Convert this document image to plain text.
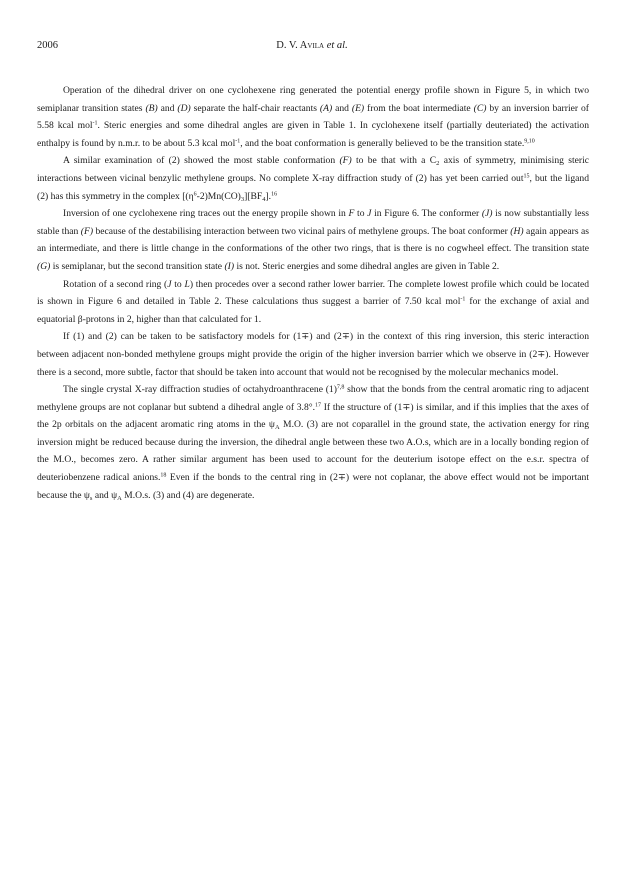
2006	D. V. Avila et al.

Operation of the dihedral driver on one cyclohexene ring generated the potential energy profile shown in Figure 5, in which two semiplanar transition states (B) and (D) separate the half-chair reactants (A) and (E) from the boat intermediate (C) by an inversion barrier of 5.58 kcal mol$^{-1}$. Steric energies and some dihedral angles are given in Table 1. In cyclohexene itself (partially deuteriated) the activation enthalpy is found by n.m.r. to be about 5.3 kcal mol$^{-1}$, and the boat conformation is generally believed to be the transition state.$^{9,10}$

A similar examination of (2) showed the most stable conformation (F) to be that with a $C_2$ axis of symmetry, minimising steric interactions between vicinal benzylic methylene groups. No complete X-ray diffraction study of (2) has yet been carried out$^{15}$, but the ligand (2) has this symmetry in the complex $[(\eta^6-2)Mn(CO)_3][BF_4].^{16}$

Inversion of one cyclohexene ring traces out the energy propile shown in F to J in Figure 6. The conformer (J) is now substantially less stable than (F) because of the destabilising interaction between two vicinal pairs of methylene groups. The boat conformer (H) again appears as an intermediate, and there is little change in the conformations of the other two rings, that is there is no cogwheel effect. The transition state (G) is semiplanar, but the second transition state (I) is not. Steric energies and some dihedral angles are given in Table 2.

Rotation of a second ring (J to L) then procedes over a second rather lower barrier. The complete lowest profile which could be located is shown in Figure 6 and detailed in Table 2. These calculations thus suggest a barrier of 7.50 kcal mol$^{-1}$ for the exchange of axial and equatorial β-protons in 2, higher than that calculated for 1.

If (1) and (2) can be taken to be satisfactory models for (1∓) and (2∓) in the context of this ring inversion, this steric interaction between adjacent non-bonded methylene groups might provide the origin of the higher inversion barrier which we observe in (2∓). However there is a second, more subtle, factor that should be taken into account that would not be recognised by the molecular mechanics model.

The single crystal X-ray diffraction studies of octahydroanthracene $(1)^{7,8}$ show that the bonds from the central aromatic ring to adjacent methylene groups are not coplanar but subtend a dihedral angle of 3.8°.$^{17}$ If the structure of (1∓) is similar, and if this implies that the axes of the 2p orbitals on the adjacent aromatic ring atoms in the $\psi_A$ M.O. (3) are not coparallel in the ground state, the activation energy for ring inversion might be reduced because during the inversion, the dihedral angle between these two A.O.s, which are in a locally bonding region of the M.O., becomes zero. A rather similar argument has been used to account for the deuterium isotope effect on the e.s.r. spectra of deuteriobenzene radical anions.$^{18}$ Even if the bonds to the central ring in (2∓) were not coplanar, the above effect would not be important because the $\psi_s$ and $\psi_A$ M.O.s. (3) and (4) are degenerate.
